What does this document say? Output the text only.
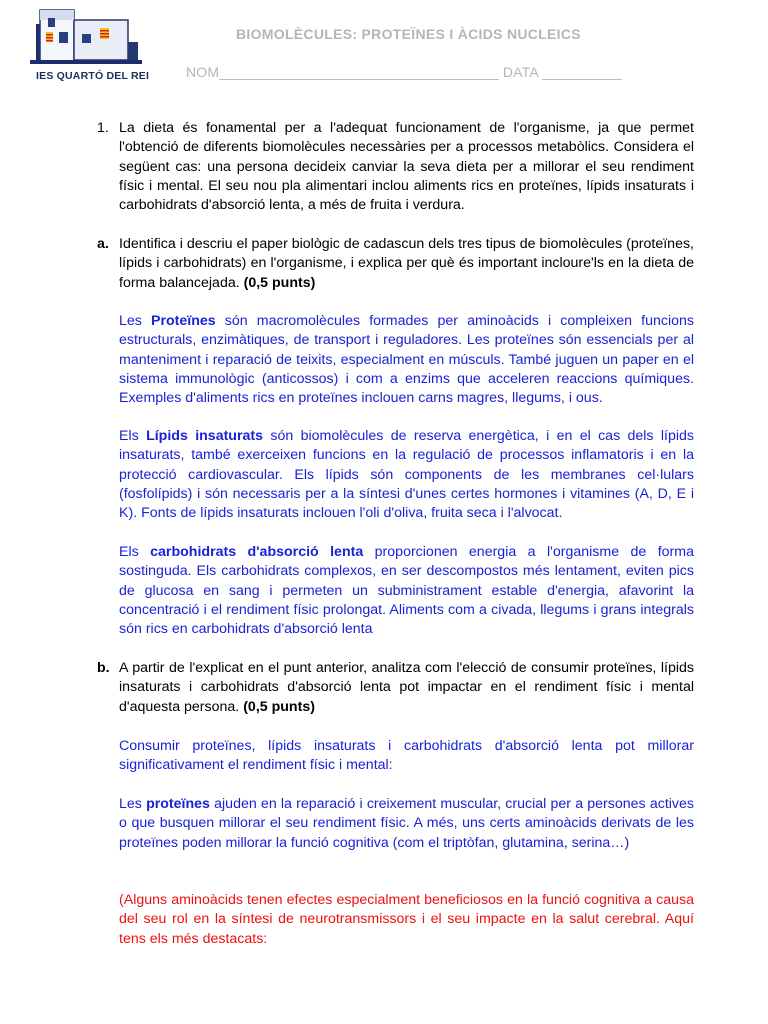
IES QUARTÓ DEL REI
BIOMOLÈCULES: PROTEÏNES I ÀCIDS NUCLEICS
NOM___________________________________ DATA __________
1. La dieta és fonamental per a l'adequat funcionament de l'organisme, ja que permet l'obtenció de diferents biomolècules necessàries per a processos metabòlics. Considera el següent cas: una persona decideix canviar la seva dieta per a millorar el seu rendiment físic i mental. El seu nou pla alimentari inclou aliments rics en proteïnes, lípids insaturats i carbohidrats d'absorció lenta, a més de fruita i verdura.
a. Identifica i descriu el paper biològic de cadascun dels tres tipus de biomolècules (proteïnes, lípids i carbohidrats) en l'organisme, i explica per què és important incloure'ls en la dieta de forma balancejada. (0,5 punts)
Les Proteïnes són macromolècules formades per aminoàcids i compleixen funcions estructurals, enzimàtiques, de transport i reguladores. Les proteïnes són essencials per al manteniment i reparació de teixits, especialment en músculs. També juguen un paper en el sistema immunològic (anticossos) i com a enzims que acceleren reaccions químiques. Exemples d'aliments rics en proteïnes inclouen carns magres, llegums, i ous.
Els Lípids insaturats són biomolècules de reserva energètica, i en el cas dels lípids insaturats, també exerceixen funcions en la regulació de processos inflamatoris i en la protecció cardiovascular. Els lípids són components de les membranes cel·lulars (fosfolípids) i són necessaris per a la síntesi d'unes certes hormones i vitamines (A, D, E i K). Fonts de lípids insaturats inclouen l'oli d'oliva, fruita seca i l'alvocat.
Els carbohidrats d'absorció lenta proporcionen energia a l'organisme de forma sostinguda. Els carbohidrats complexos, en ser descompostos més lentament, eviten pics de glucosa en sang i permeten un subministrament estable d'energia, afavorint la concentració i el rendiment físic prolongat. Aliments com a civada, llegums i grans integrals són rics en carbohidrats d'absorció lenta
b. A partir de l'explicat en el punt anterior, analitza com l'elecció de consumir proteïnes, lípids insaturats i carbohidrats d'absorció lenta pot impactar en el rendiment físic i mental d'aquesta persona. (0,5 punts)
Consumir proteïnes, lípids insaturats i carbohidrats d'absorció lenta pot millorar significativament el rendiment físic i mental:
Les proteïnes ajuden en la reparació i creixement muscular, crucial per a persones actives o que busquen millorar el seu rendiment físic. A més, uns certs aminoàcids derivats de les proteïnes poden millorar la funció cognitiva (com el triptòfan, glutamina, serina…)
(Alguns aminoàcids tenen efectes especialment beneficiosos en la funció cognitiva a causa del seu rol en la síntesi de neurotransmissors i el seu impacte en la salut cerebral. Aquí tens els més destacats:
